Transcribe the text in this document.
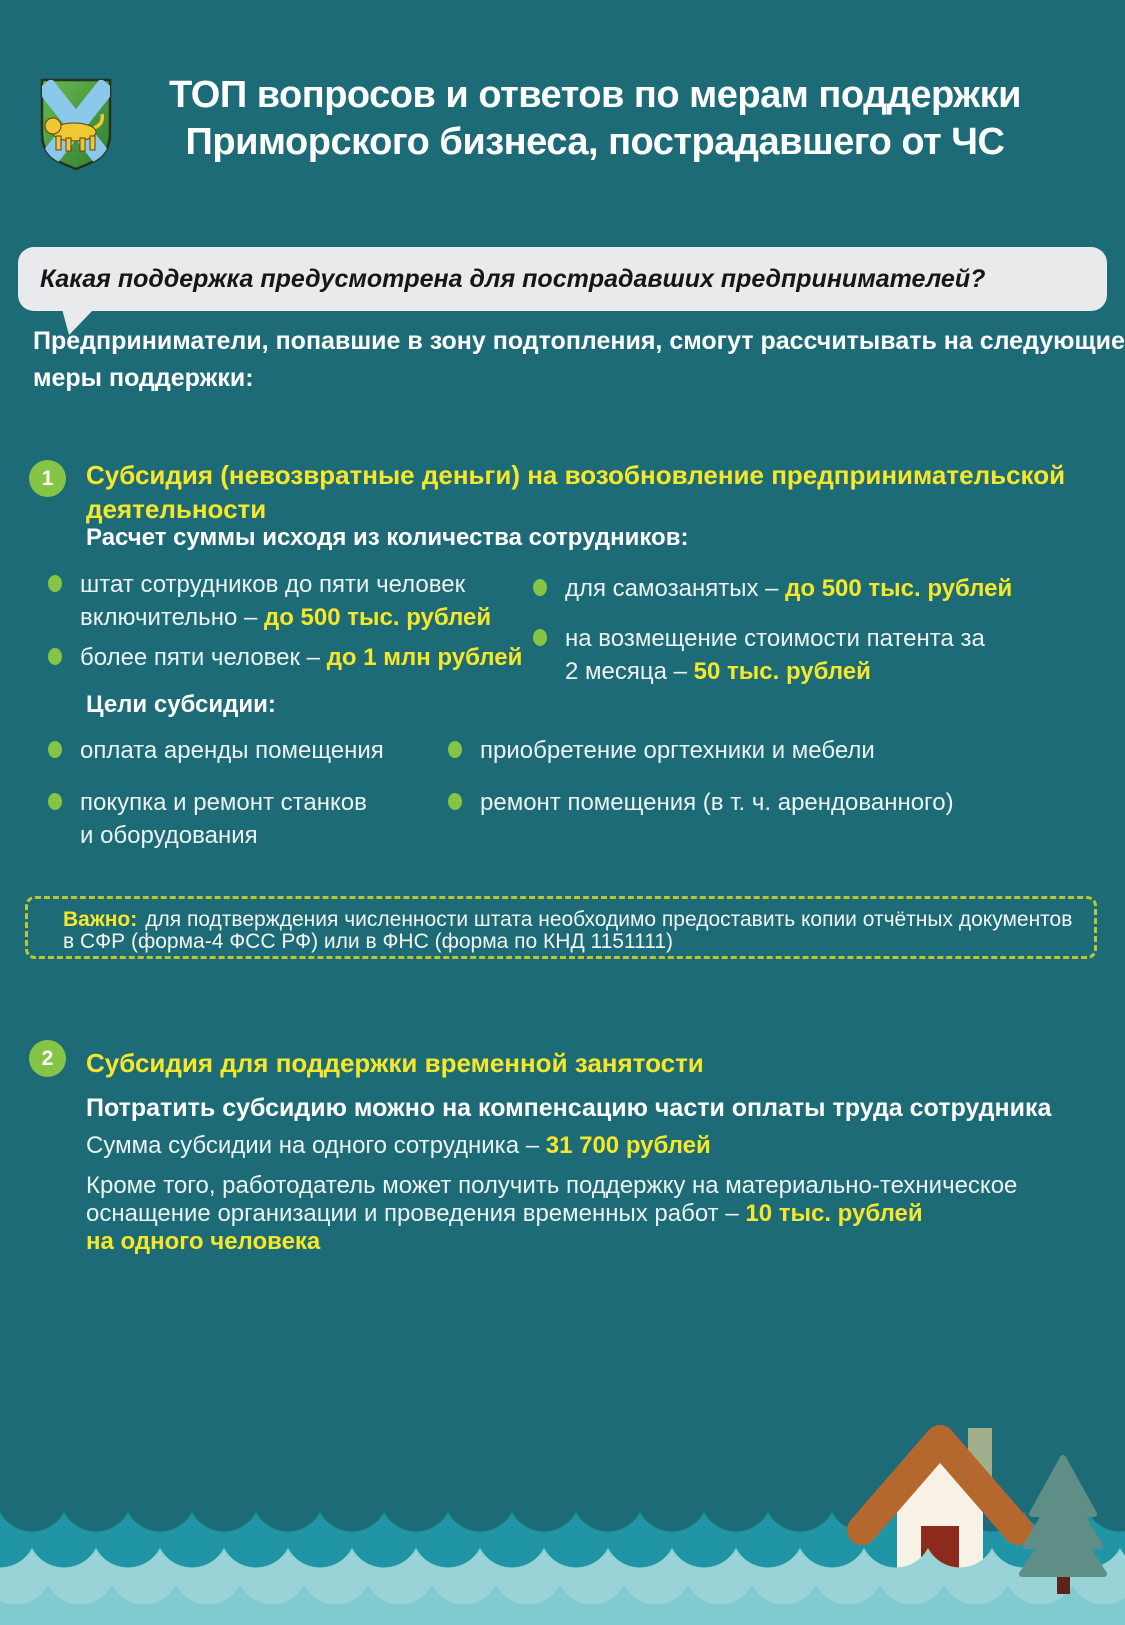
ТОП вопросов и ответов по мерам поддержки
Приморского бизнеса, пострадавшего от ЧС
Какая поддержка предусмотрена для пострадавших предпринимателей?
Предприниматели, попавшие в зону подтопления, смогут рассчитывать на следующие
меры поддержки:
1 Субсидия (невозвратные деньги) на возобновление предпринимательской
деятельности
Расчет суммы исходя из количества сотрудников:
штат сотрудников до пяти человек
включительно – до 500 тыс. рублей
более пяти человек – до 1 млн рублей
для самозанятых – до 500 тыс. рублей
на возмещение стоимости патента за
2 месяца – 50 тыс. рублей
Цели субсидии:
оплата аренды помещения
покупка и ремонт станков
и оборудования
приобретение оргтехники и мебели
ремонт помещения (в т. ч. арендованного)
Важно: для подтверждения численности штата необходимо предоставить копии отчётных документов
в СФР (форма-4 ФСС РФ) или в ФНС (форма по КНД 1151111)
2 Субсидия для поддержки временной занятости
Потратить субсидию можно на компенсацию части оплаты труда сотрудника
Сумма субсидии на одного сотрудника – 31 700 рублей
Кроме того, работодатель может получить поддержку на материально-техническое
оснащение организации и проведения временных работ – 10 тыс. рублей
на одного человека
